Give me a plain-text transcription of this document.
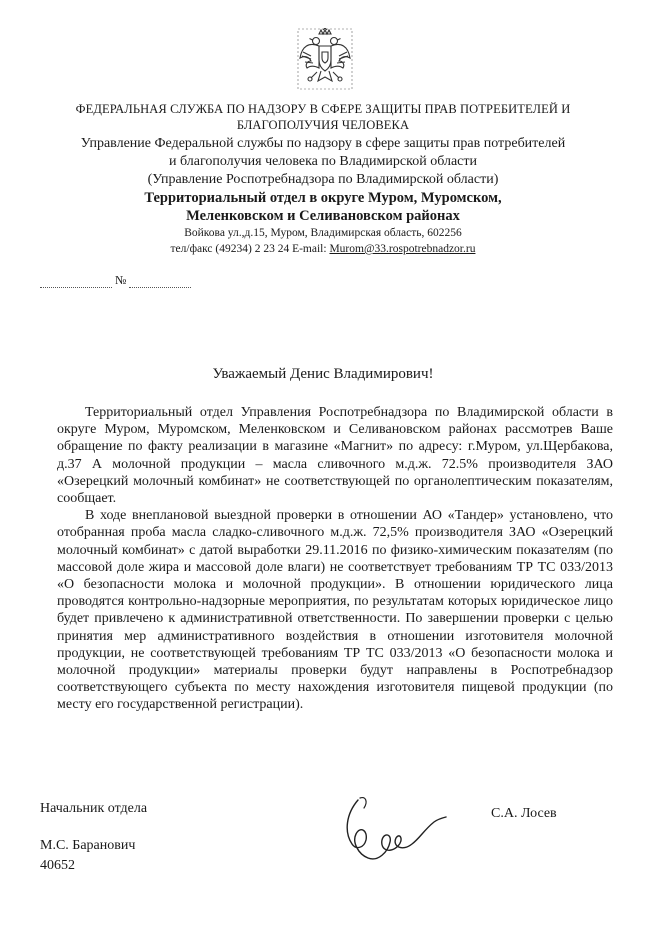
ФЕДЕРАЛЬНАЯ СЛУЖБА ПО НАДЗОРУ В СФЕРЕ ЗАЩИТЫ ПРАВ ПОТРЕБИТЕЛЕЙ И
БЛАГОПОЛУЧИЯ ЧЕЛОВЕКА
Управление Федеральной службы по надзору в сфере защиты прав потребителей
и благополучия человека по Владимирской области
(Управление Роспотребнадзора по Владимирской области)
Территориальный отдел в округе Муром, Муромском,
Меленковском и Селивановском районах
Войкова ул.,д.15, Муром, Владимирская область, 602256
тел/факс (49234) 2 23 24 E-mail: Murom@33.rospotrebnadzor.ru
№
Уважаемый Денис Владимирович!

Территориальный отдел Управления Роспотребнадзора по Владимирской области в округе Муром, Муромском, Меленковском и Селивановском районах рассмотрев Ваше обращение по факту реализации в магазине «Магнит» по адресу: г.Муром, ул.Щербакова, д.37 А молочной продукции – масла сливочного м.д.ж. 72.5% производителя ЗАО «Озерецкий молочный комбинат» не соответствующей по органолептическим показателям, сообщает.

В ходе внеплановой выездной проверки в отношении АО «Тандер» установлено, что отобранная проба масла сладко-сливочного м.д.ж. 72,5% производителя ЗАО «Озерецкий молочный комбинат» с датой выработки 29.11.2016 по физико-химическим показателям (по массовой доле жира и массовой доле влаги) не соответствует требованиям ТР ТС 033/2013 «О безопасности молока и молочной продукции». В отношении юридического лица проводятся контрольно-надзорные мероприятия, по результатам которых юридическое лицо будет привлечено к административной ответственности. По завершении проверки с целью принятия мер административного воздействия в отношении изготовителя молочной продукции, не соответствующей требованиям ТР ТС 033/2013 «О безопасности молока и молочной продукции» материалы проверки будут направлены в Роспотребнадзор соответствующего субъекта по месту нахождения изготовителя пищевой продукции (по месту его государственной регистрации).

Начальник отдела	С.А. Лосев
М.С. Баранович
40652
